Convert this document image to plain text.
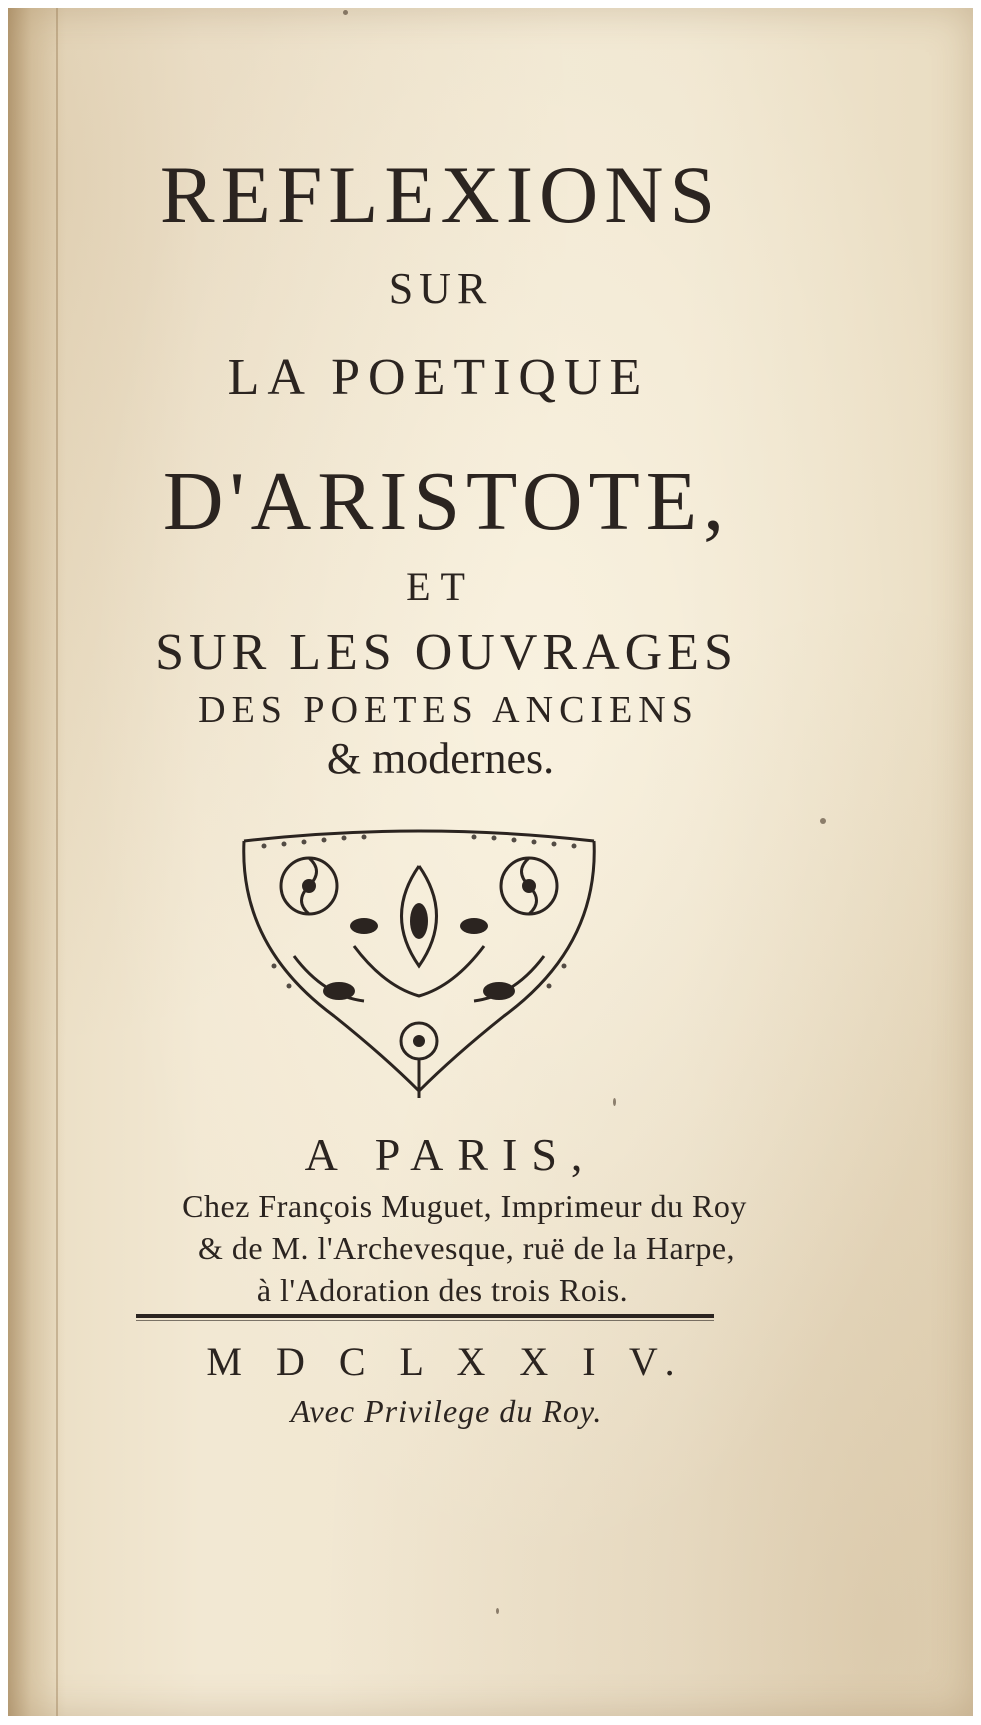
REFLEXIONS
SUR
LA POETIQUE
D'ARISTOTE,
ET
SUR LES OUVRAGES
DES POETES ANCIENS
& modernes.
A PARIS,
Chez François Muguet, Imprimeur du Roy
& de M. l'Archevesque, ruë de la Harpe,
à l'Adoration des trois Rois.
M D C L X X I V.
Avec Privilege du Roy.
